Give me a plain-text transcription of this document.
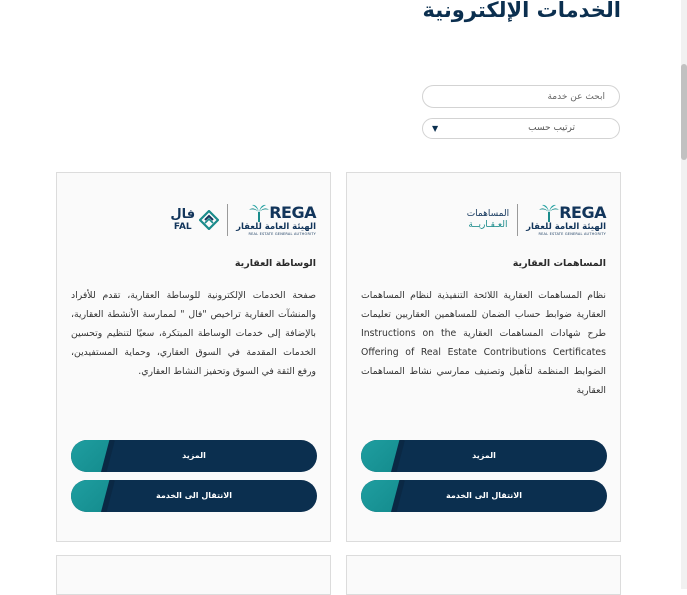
الخدمات الإلكترونية
ابحث عن خدمة
ترتيب حسب
▼
المساهمات
العـقـاريــة
REGA
الهيئة العامة للعقار
REAL ESTATE GENERAL AUTHORITY
المساهمات العقارية

نظام المساهمات العقارية اللائحة التنفيذية لنظام المساهمات العقارية ضوابط حساب الضمان للمساهمين العقاريين تعليمات طرح شهادات المساهمات العقارية Instructions on the Offering of Real Estate Contributions Certificates الضوابط المنظمة لتأهيل وتصنيف ممارسي نشاط المساهمات العقارية

المزيد
الانتقال الى الخدمة
فال
FAL
REGA
الهيئة العامة للعقار
REAL ESTATE GENERAL AUTHORITY
الوساطة العقارية

صفحة الخدمات الإلكترونية للوساطة العقارية، تقدم للأفراد والمنشآت العقارية تراخيص "فال " لممارسة الأنشطة العقارية، بالإضافة إلى خدمات الوساطة المبتكرة، سعيًا لتنظيم وتحسين الخدمات المقدمة في السوق العقاري، وحماية المستفيدين، ورفع الثقة في السوق وتحفيز النشاط العقاري.

المزيد
الانتقال الى الخدمة
